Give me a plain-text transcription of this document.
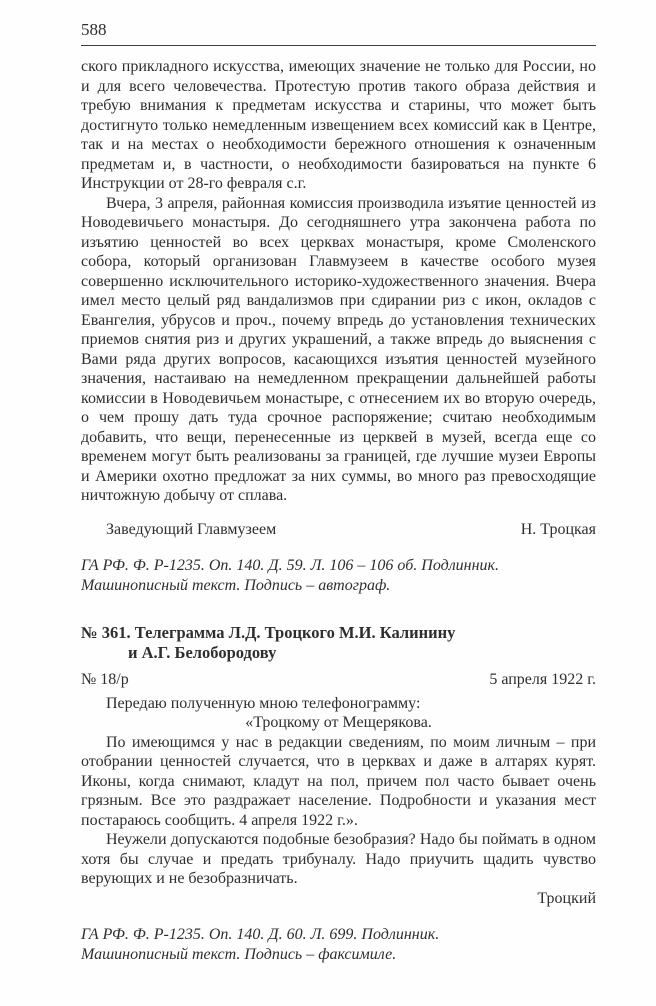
588

ского прикладного искусства, имеющих значение не только для России, но и для всего человечества. Протестую против такого образа действия и требую внимания к предметам искусства и старины, что может быть достигнуто только немедленным извещением всех комиссий как в Центре, так и на местах о необходимости бережного отношения к означенным предметам и, в частности, о необходимости базироваться на пункте 6 Инструкции от 28-го февраля с.г.

Вчера, 3 апреля, районная комиссия производила изъятие ценностей из Новодевичьего монастыря. До сегодняшнего утра закончена работа по изъятию ценностей во всех церквах монастыря, кроме Смоленского собора, который организован Главмузеем в качестве особого музея совершенно исключительного историко-художественного значения. Вчера имел место целый ряд вандализмов при сдирании риз с икон, окладов с Евангелия, убрусов и проч., почему впредь до установления технических приемов снятия риз и других украшений, а также впредь до выяснения с Вами ряда других вопросов, касающихся изъятия ценностей музейного значения, настаиваю на немедленном прекращении дальнейшей работы комиссии в Новодевичьем монастыре, с отнесением их во вторую очередь, о чем прошу дать туда срочное распоряжение; считаю необходимым добавить, что вещи, перенесенные из церквей в музей, всегда еще со временем могут быть реализованы за границей, где лучшие музеи Европы и Америки охотно предложат за них суммы, во много раз превосходящие ничтожную добычу от сплава.

Заведующий Главмузеем	Н. Троцкая
ГА РФ. Ф. Р-1235. Оп. 140. Д. 59. Л. 106 – 106 об. Подлинник.
Машинописный текст. Подпись – автограф.
№ 361. Телеграмма Л.Д. Троцкого М.И. Калинину
и А.Г. Белобородову
№ 18/р	5 апреля 1922 г.

Передаю полученную мною телефонограмму:

«Троцкому от Мещерякова.

По имеющимся у нас в редакции сведениям, по моим личным – при отобрании ценностей случается, что в церквах и даже в алтарях курят. Иконы, когда снимают, кладут на пол, причем пол часто бывает очень грязным. Все это раздражает население. Подробности и указания мест постараюсь сообщить. 4 апреля 1922 г.».

Неужели допускаются подобные безобразия? Надо бы поймать в одном хотя бы случае и предать трибуналу. Надо приучить щадить чувство верующих и не безобразничать.

Троцкий

ГА РФ. Ф. Р-1235. Оп. 140. Д. 60. Л. 699. Подлинник.
Машинописный текст. Подпись – факсимиле.
